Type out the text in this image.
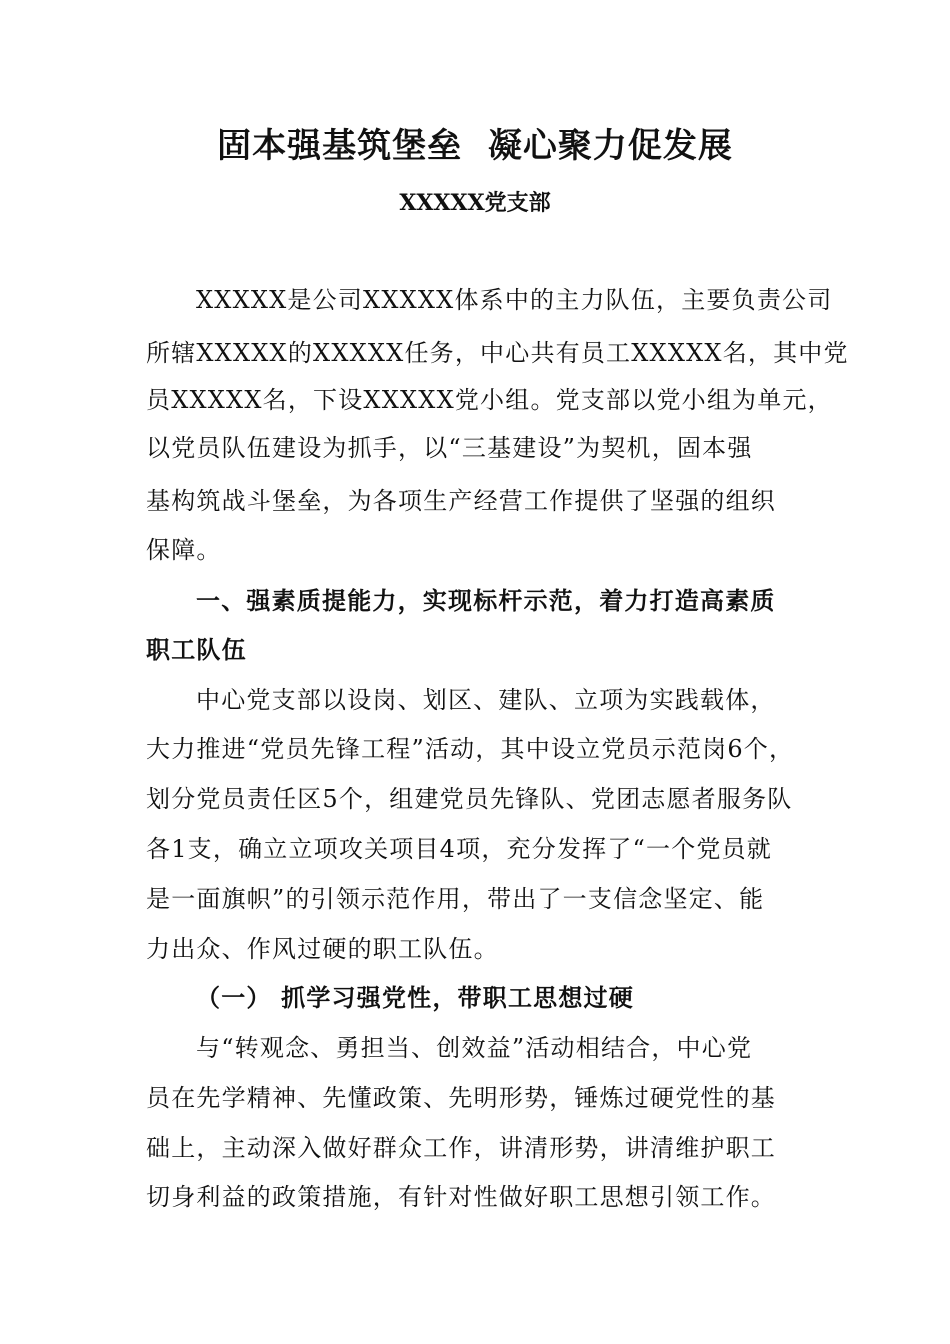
固本强基筑堡垒  凝心聚力促发展
XXXXX党支部
XXXXX是公司XXXXX体系中的主力队伍，主要负责公司
所辖XXXXX的XXXXX任务，中心共有员工XXXXX名，其中党
员XXXXX名，下设XXXXX党小组。党支部以党小组为单元，
以党员队伍建设为抓手，以“三基建设”为契机，固本强
基构筑战斗堡垒，为各项生产经营工作提供了坚强的组织
保障。
一、强素质提能力，实现标杆示范，着力打造高素质
职工队伍
中心党支部以设岗、划区、建队、立项为实践载体，
大力推进“党员先锋工程”活动，其中设立党员示范岗6个，
划分党员责任区5个，组建党员先锋队、党团志愿者服务队
各1支，确立立项攻关项目4项，充分发挥了“一个党员就
是一面旗帜”的引领示范作用，带出了一支信念坚定、能
力出众、作风过硬的职工队伍。
（一） 抓学习强党性，带职工思想过硬
与“转观念、勇担当、创效益”活动相结合，中心党
员在先学精神、先懂政策、先明形势，锤炼过硬党性的基
础上，主动深入做好群众工作，讲清形势，讲清维护职工
切身利益的政策措施，有针对性做好职工思想引领工作。
